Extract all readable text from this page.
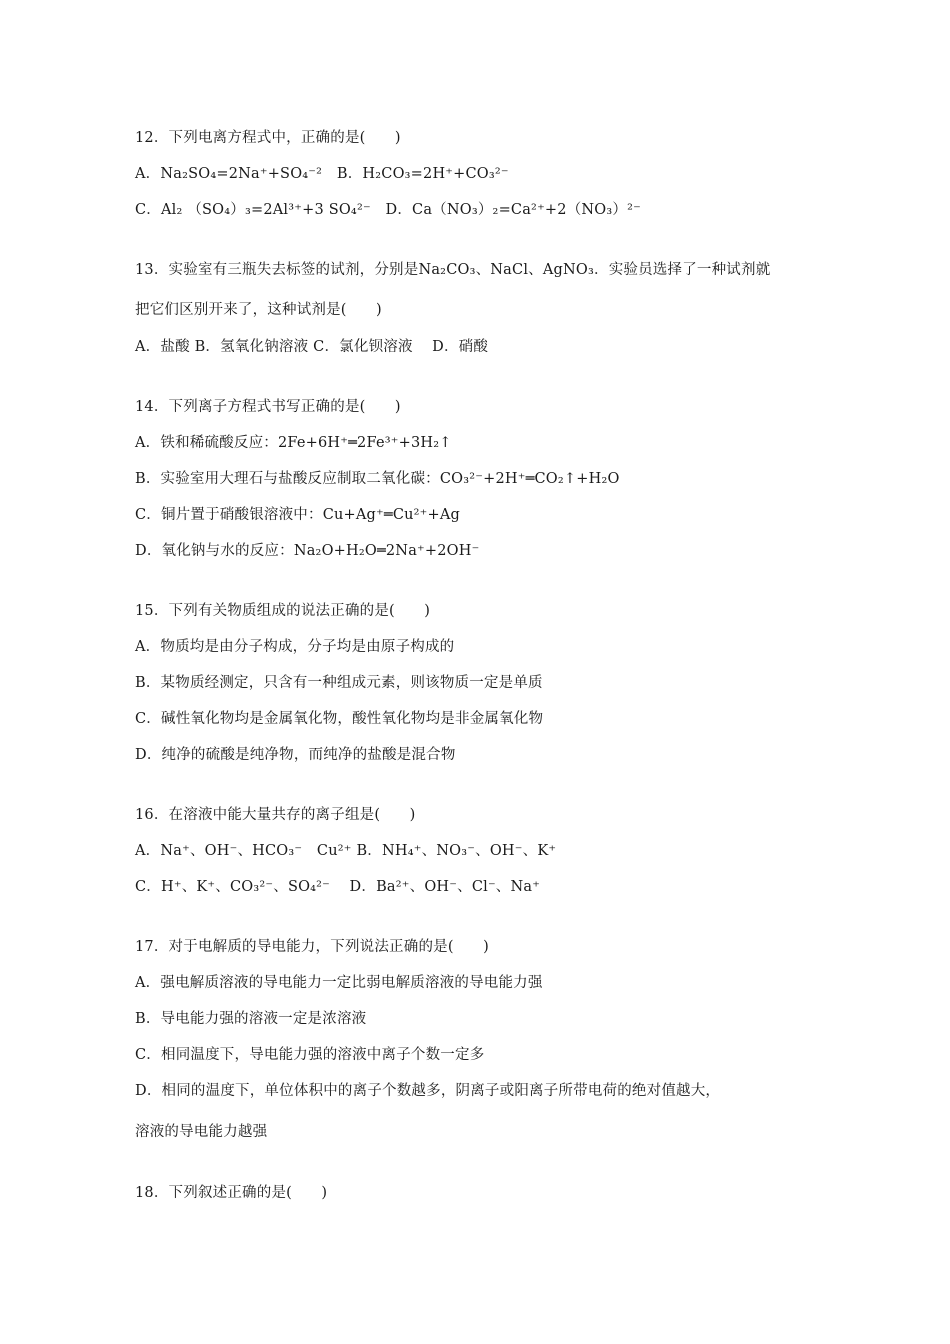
12．下列电离方程式中，正确的是(　　)
A．Na₂SO₄=2Na⁺+SO₄⁻²　B．H₂CO₃=2H⁺+CO₃²⁻
C．Al₂ （SO₄）₃=2Al³⁺+3 SO₄²⁻　D．Ca（NO₃）₂=Ca²⁺+2（NO₃）²⁻
13．实验室有三瓶失去标签的试剂，分别是Na₂CO₃、NaCl、AgNO₃．实验员选择了一种试剂就
把它们区别开来了，这种试剂是(　　)
A．盐酸 B．氢氧化钠溶液 C．氯化钡溶液　 D．硝酸
14．下列离子方程式书写正确的是(　　)
A．铁和稀硫酸反应：2Fe+6H⁺═2Fe³⁺+3H₂↑
B．实验室用大理石与盐酸反应制取二氧化碳：CO₃²⁻+2H⁺═CO₂↑+H₂O
C．铜片置于硝酸银溶液中：Cu+Ag⁺═Cu²⁺+Ag
D．氧化钠与水的反应：Na₂O+H₂O═2Na⁺+2OH⁻
15．下列有关物质组成的说法正确的是(　　)
A．物质均是由分子构成，分子均是由原子构成的
B．某物质经测定，只含有一种组成元素，则该物质一定是单质
C．碱性氧化物均是金属氧化物，酸性氧化物均是非金属氧化物
D．纯净的硫酸是纯净物，而纯净的盐酸是混合物
16．在溶液中能大量共存的离子组是(　　)
A．Na⁺、OH⁻、HCO₃⁻　Cu²⁺ B．NH₄⁺、NO₃⁻、OH⁻、K⁺
C．H⁺、K⁺、CO₃²⁻、SO₄²⁻　 D．Ba²⁺、OH⁻、Cl⁻、Na⁺
17．对于电解质的导电能力，下列说法正确的是(　　)
A．强电解质溶液的导电能力一定比弱电解质溶液的导电能力强
B．导电能力强的溶液一定是浓溶液
C．相同温度下，导电能力强的溶液中离子个数一定多
D．相同的温度下，单位体积中的离子个数越多，阴离子或阳离子所带电荷的绝对值越大，
溶液的导电能力越强
18．下列叙述正确的是(　　)
